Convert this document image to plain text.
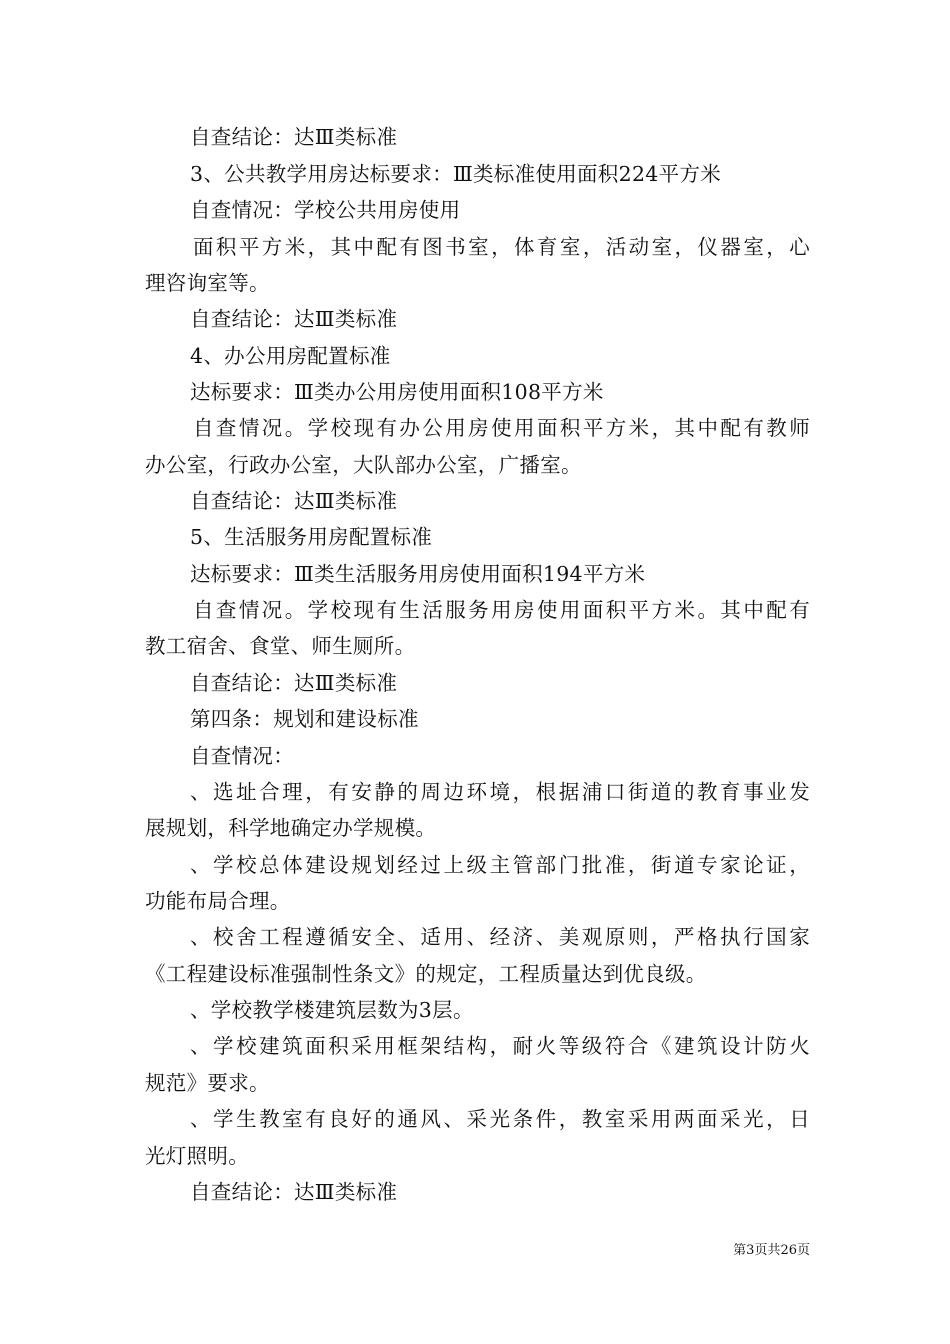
自查结论：达Ⅲ类标准
3、公共教学用房达标要求：Ⅲ类标准使用面积224平方米
自查情况：学校公共用房使用
面积平方米，其中配有图书室，体育室，活动室，仪器室，心
理咨询室等。
自查结论：达Ⅲ类标准
4、办公用房配置标准
达标要求：Ⅲ类办公用房使用面积108平方米
自查情况。学校现有办公用房使用面积平方米，其中配有教师
办公室，行政办公室，大队部办公室，广播室。
自查结论：达Ⅲ类标准
5、生活服务用房配置标准
达标要求：Ⅲ类生活服务用房使用面积194平方米
自查情况。学校现有生活服务用房使用面积平方米。其中配有
教工宿舍、食堂、师生厕所。
自查结论：达Ⅲ类标准
第四条：规划和建设标准
自查情况：
、选址合理，有安静的周边环境，根据浦口街道的教育事业发
展规划，科学地确定办学规模。
、学校总体建设规划经过上级主管部门批准，街道专家论证，
功能布局合理。
、校舍工程遵循安全、适用、经济、美观原则，严格执行国家
《工程建设标准强制性条文》的规定，工程质量达到优良级。
、学校教学楼建筑层数为3层。
、学校建筑面积采用框架结构，耐火等级符合《建筑设计防火
规范》要求。
、学生教室有良好的通风、采光条件，教室采用两面采光，日
光灯照明。
自查结论：达Ⅲ类标准
第3页共26页
